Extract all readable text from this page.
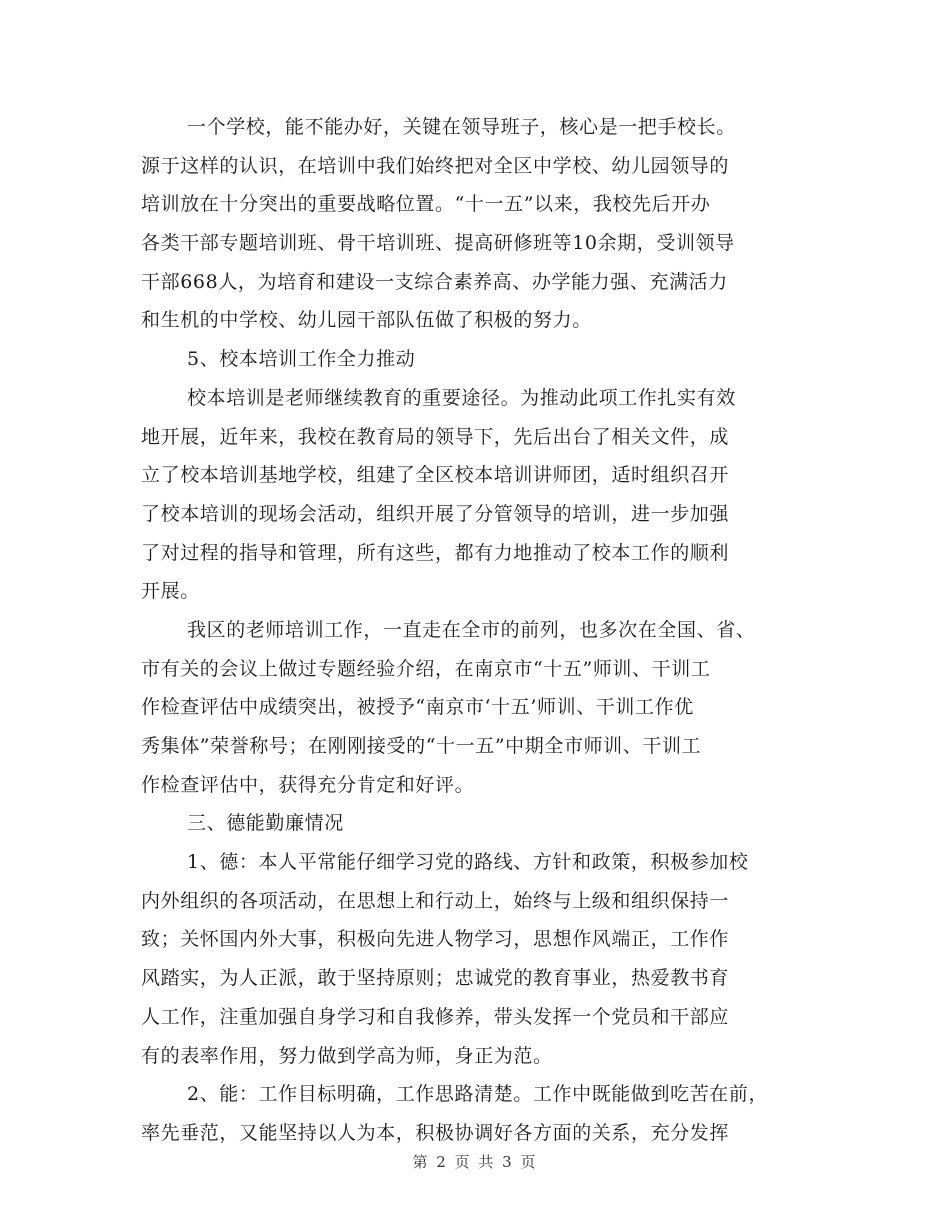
一个学校，能不能办好，关键在领导班子，核心是一把手校长。
源于这样的认识，在培训中我们始终把对全区中学校、幼儿园领导的
培训放在十分突出的重要战略位置。“十一五”以来，我校先后开办
各类干部专题培训班、骨干培训班、提高研修班等10余期，受训领导
干部668人，为培育和建设一支综合素养高、办学能力强、充满活力
和生机的中学校、幼儿园干部队伍做了积极的努力。
5、校本培训工作全力推动
校本培训是老师继续教育的重要途径。为推动此项工作扎实有效
地开展，近年来，我校在教育局的领导下，先后出台了相关文件，成
立了校本培训基地学校，组建了全区校本培训讲师团，适时组织召开
了校本培训的现场会活动，组织开展了分管领导的培训，进一步加强
了对过程的指导和管理，所有这些，都有力地推动了校本工作的顺利
开展。
我区的老师培训工作，一直走在全市的前列，也多次在全国、省、
市有关的会议上做过专题经验介绍，在南京市“十五”师训、干训工
作检查评估中成绩突出，被授予“南京市‘十五’师训、干训工作优
秀集体”荣誉称号；在刚刚接受的“十一五”中期全市师训、干训工
作检查评估中，获得充分肯定和好评。
三、德能勤廉情况
1、德：本人平常能仔细学习党的路线、方针和政策，积极参加校
内外组织的各项活动，在思想上和行动上，始终与上级和组织保持一
致；关怀国内外大事，积极向先进人物学习，思想作风端正，工作作
风踏实，为人正派，敢于坚持原则；忠诚党的教育事业，热爱教书育
人工作，注重加强自身学习和自我修养，带头发挥一个党员和干部应
有的表率作用，努力做到学高为师，身正为范。
2、能：工作目标明确，工作思路清楚。工作中既能做到吃苦在前，
率先垂范，又能坚持以人为本，积极协调好各方面的关系，充分发挥
第 2 页 共 3 页
